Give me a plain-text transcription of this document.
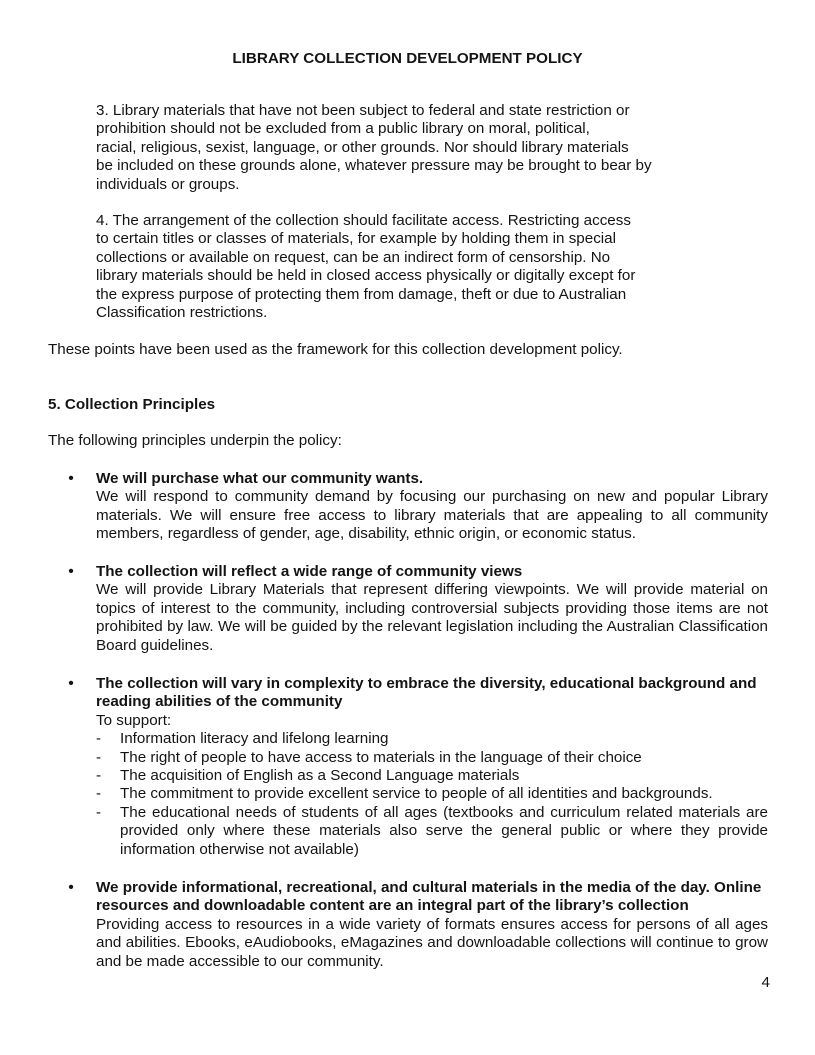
LIBRARY COLLECTION DEVELOPMENT POLICY

3. Library materials that have not been subject to federal and state restriction or

prohibition should not be excluded from a public library on moral, political,

racial, religious, sexist, language, or other grounds. Nor should library materials

be included on these grounds alone, whatever pressure may be brought to bear by

individuals or groups.

4. The arrangement of the collection should facilitate access. Restricting access

to certain titles or classes of materials, for example by holding them in special

collections or available on request, can be an indirect form of censorship. No

library materials should be held in closed access physically or digitally except for

the express purpose of protecting them from damage, theft or due to Australian

Classification restrictions.

These points have been used as the framework for this collection development policy.

5. Collection Principles

The following principles underpin the policy:

• We will purchase what our community wants.

We will respond to community demand by focusing our purchasing on new and popular Library materials. We will ensure free access to library materials that are appealing to all community members, regardless of gender, age, disability, ethnic origin, or economic status.

• The collection will reflect a wide range of community views

We will provide Library Materials that represent differing viewpoints. We will provide material on topics of interest to the community, including controversial subjects providing those items are not prohibited by law. We will be guided by the relevant legislation including the Australian Classification Board guidelines.

• The collection will vary in complexity to embrace the diversity, educational background and reading abilities of the community

To support:

-	Information literacy and lifelong learning
-	The right of people to have access to materials in the language of their choice
-	The acquisition of English as a Second Language materials
-	The commitment to provide excellent service to people of all identities and backgrounds.
-	The educational needs of students of all ages (textbooks and curriculum related materials are provided only where these materials also serve the general public or where they provide information otherwise not available)
• We provide informational, recreational, and cultural materials in the media of the day. Online resources and downloadable content are an integral part of the library’s collection

Providing access to resources in a wide variety of formats ensures access for persons of all ages and abilities. Ebooks, eAudiobooks, eMagazines and downloadable collections will continue to grow and be made accessible to our community.

4
